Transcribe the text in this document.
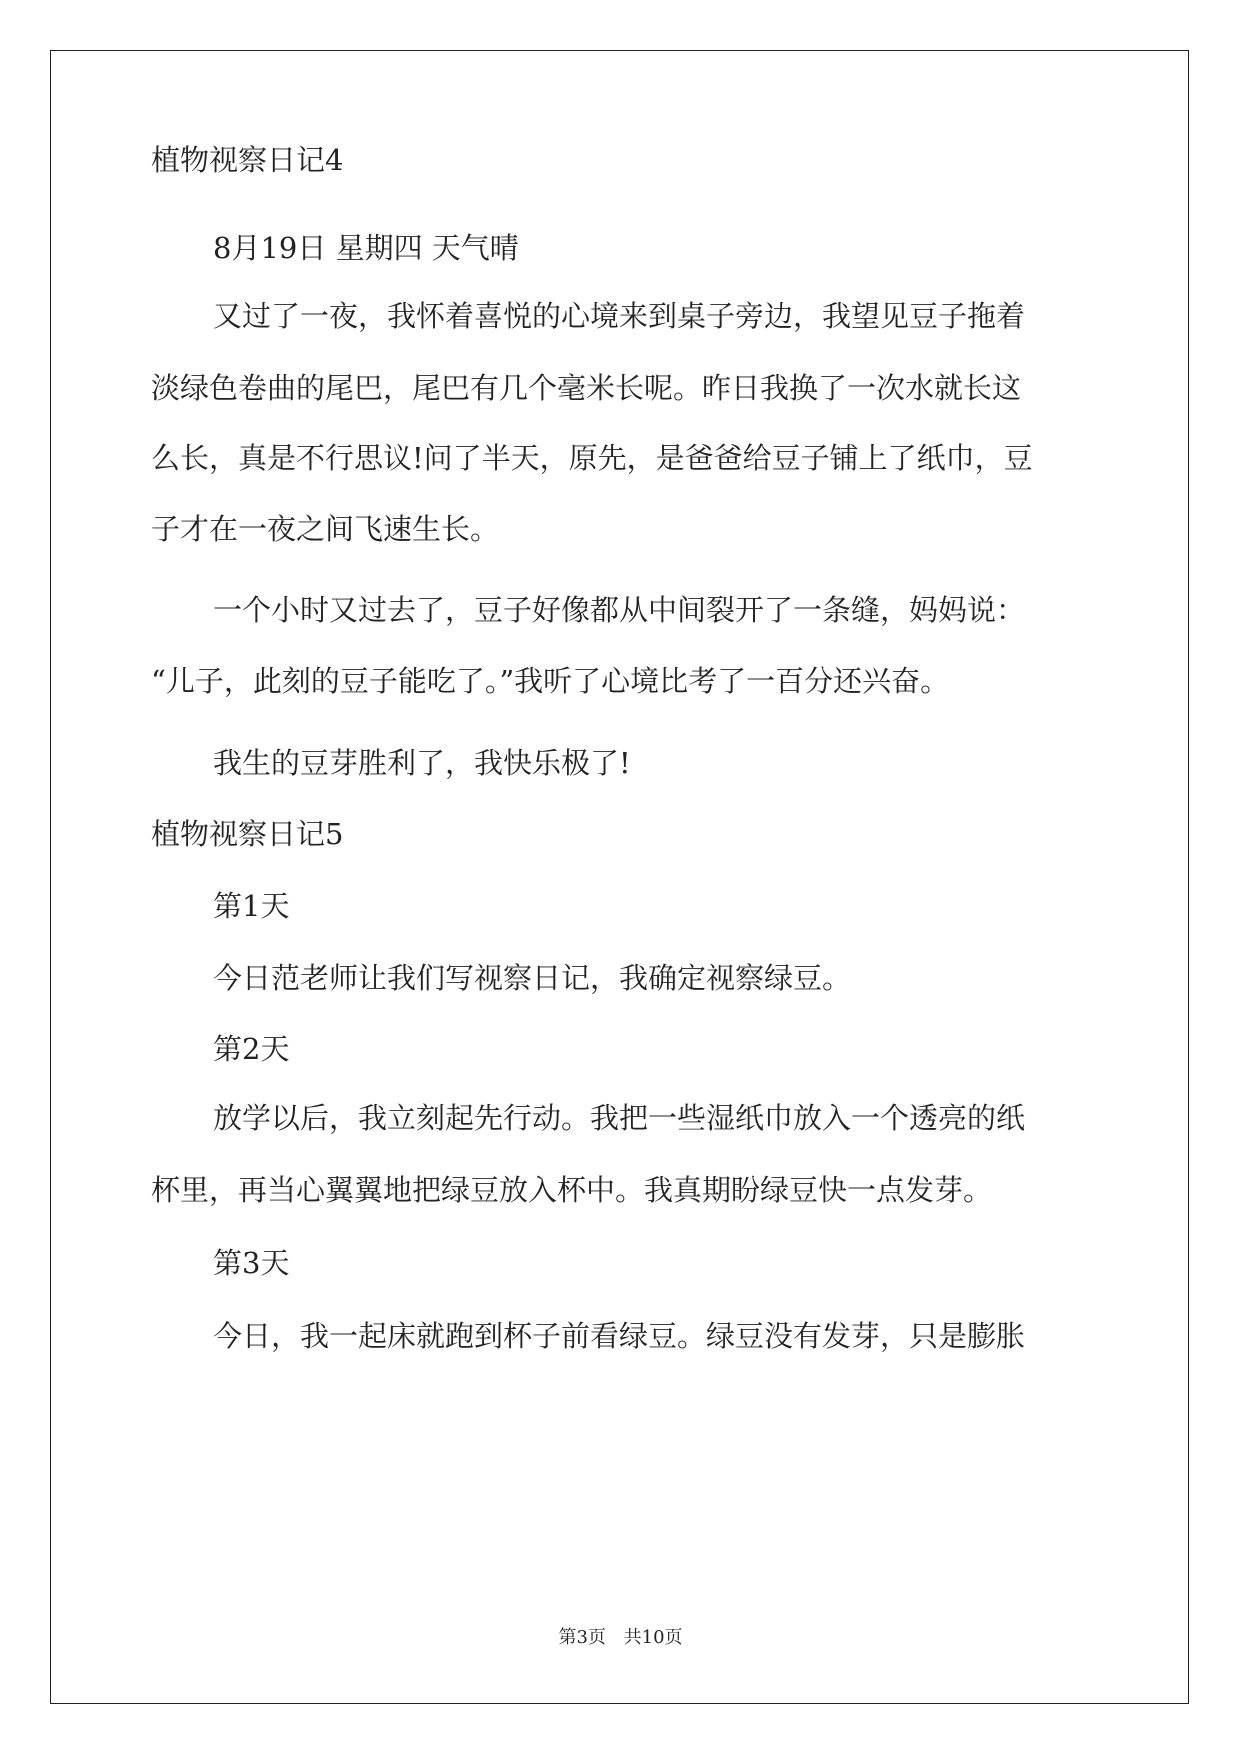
植物视察日记4
8月19日 星期四 天气晴
又过了一夜，我怀着喜悦的心境来到桌子旁边，我望见豆子拖着
淡绿色卷曲的尾巴，尾巴有几个毫米长呢。昨日我换了一次水就长这
么长，真是不行思议!问了半天，原先，是爸爸给豆子铺上了纸巾，豆
子才在一夜之间飞速生长。
一个小时又过去了，豆子好像都从中间裂开了一条缝，妈妈说：
“儿子，此刻的豆子能吃了。”我听了心境比考了一百分还兴奋。
我生的豆芽胜利了，我快乐极了!
植物视察日记5
第1天
今日范老师让我们写视察日记，我确定视察绿豆。
第2天
放学以后，我立刻起先行动。我把一些湿纸巾放入一个透亮的纸
杯里，再当心翼翼地把绿豆放入杯中。我真期盼绿豆快一点发芽。
第3天
今日，我一起床就跑到杯子前看绿豆。绿豆没有发芽，只是膨胀
第3页 共10页
